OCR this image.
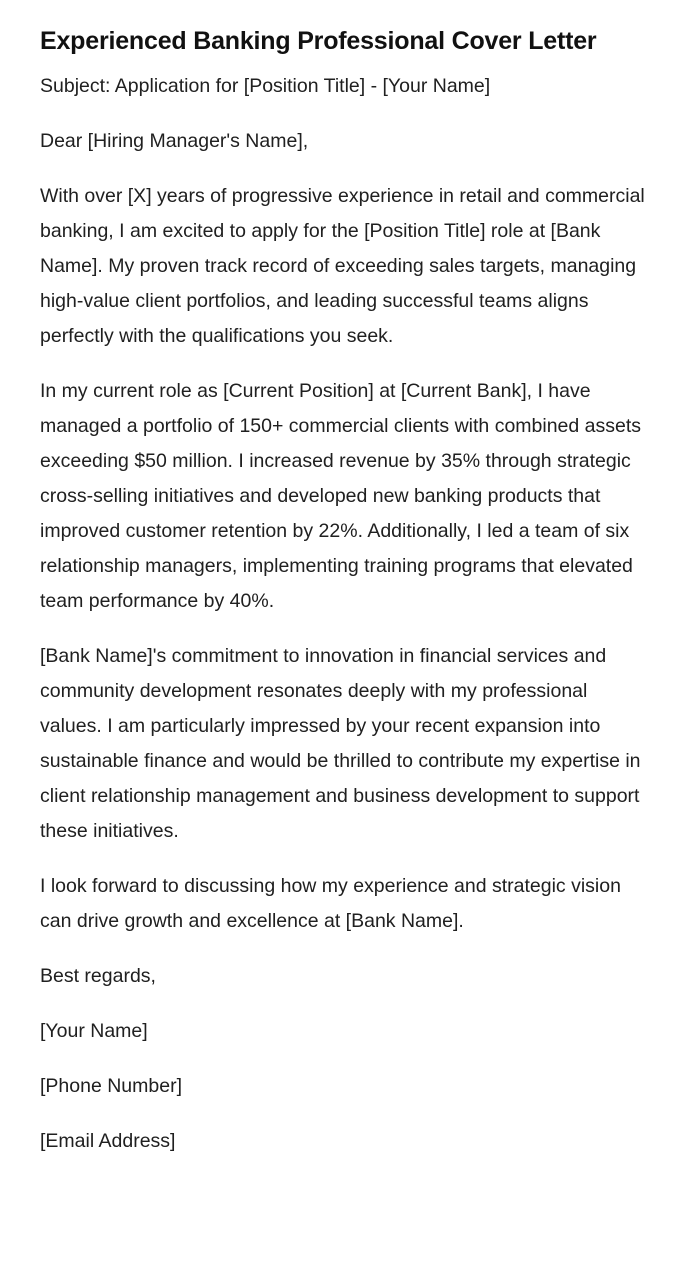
Experienced Banking Professional Cover Letter

Subject: Application for [Position Title] - [Your Name]

Dear [Hiring Manager's Name],

With over [X] years of progressive experience in retail and commercial banking, I am excited to apply for the [Position Title] role at [Bank Name]. My proven track record of exceeding sales targets, managing high-value client portfolios, and leading successful teams aligns perfectly with the qualifications you seek.

In my current role as [Current Position] at [Current Bank], I have managed a portfolio of 150+ commercial clients with combined assets exceeding $50 million. I increased revenue by 35% through strategic cross-selling initiatives and developed new banking products that improved customer retention by 22%. Additionally, I led a team of six relationship managers, implementing training programs that elevated team performance by 40%.

[Bank Name]'s commitment to innovation in financial services and community development resonates deeply with my professional values. I am particularly impressed by your recent expansion into sustainable finance and would be thrilled to contribute my expertise in client relationship management and business development to support these initiatives.

I look forward to discussing how my experience and strategic vision can drive growth and excellence at [Bank Name].

Best regards,

[Your Name]

[Phone Number]

[Email Address]
